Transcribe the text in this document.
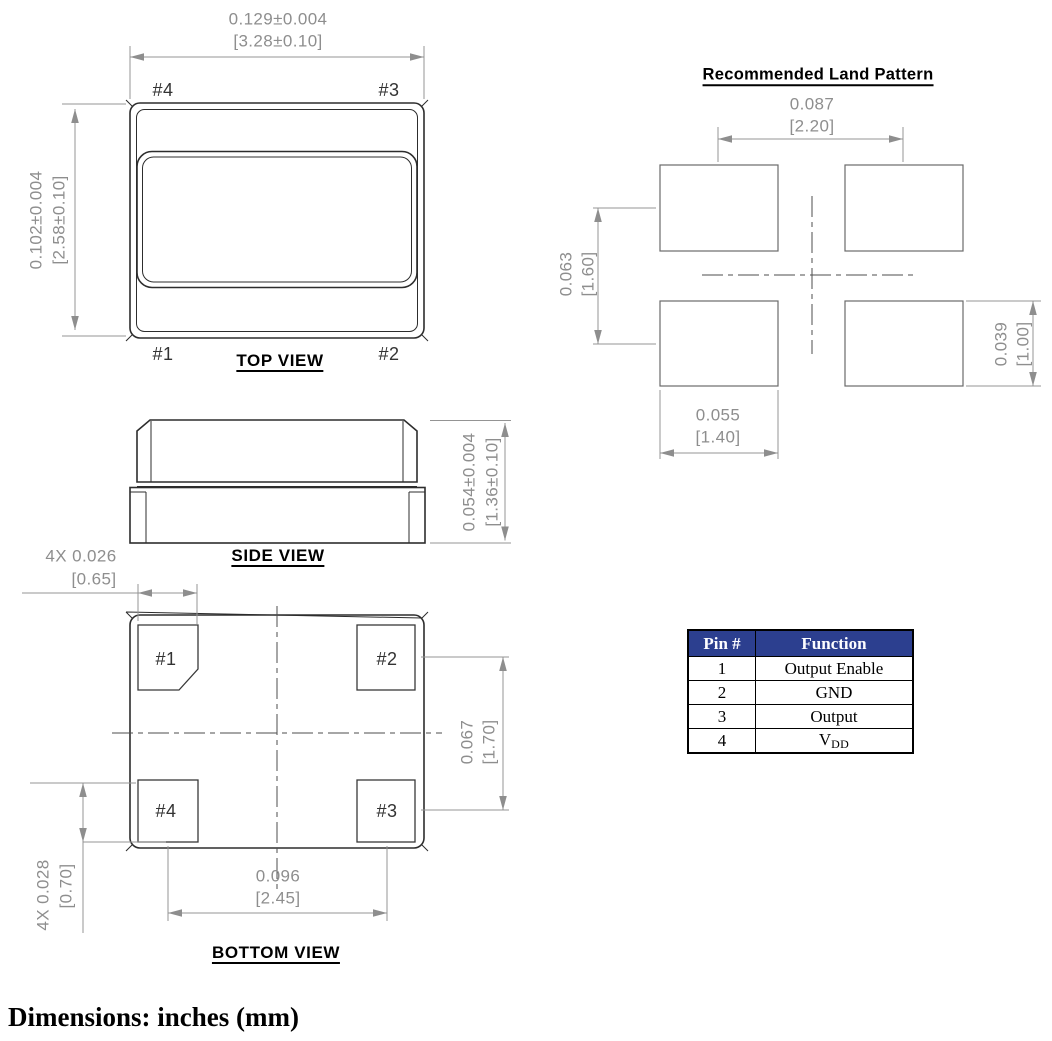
0.129±0.004
[3.28±0.10]
0.102±0.004 [2.58±0.10]
#4	#3
#1	#2
TOP VIEW
0.054±0.004 [1.36±0.10]
SIDE VIEW
4X 0.026
[0.65]
#1	#2
#4	#3
0.067 [1.70]
0.096
[2.45]
4X 0.028 [0.70]
BOTTOM VIEW
Recommended Land Pattern
0.087
[2.20]
0.063 [1.60]
0.055
[1.40]
0.039 [1.00]
Pin #	Function
1	Output Enable
2	GND
3	Output
4	$V_{DD}$
Dimensions: inches (mm)
